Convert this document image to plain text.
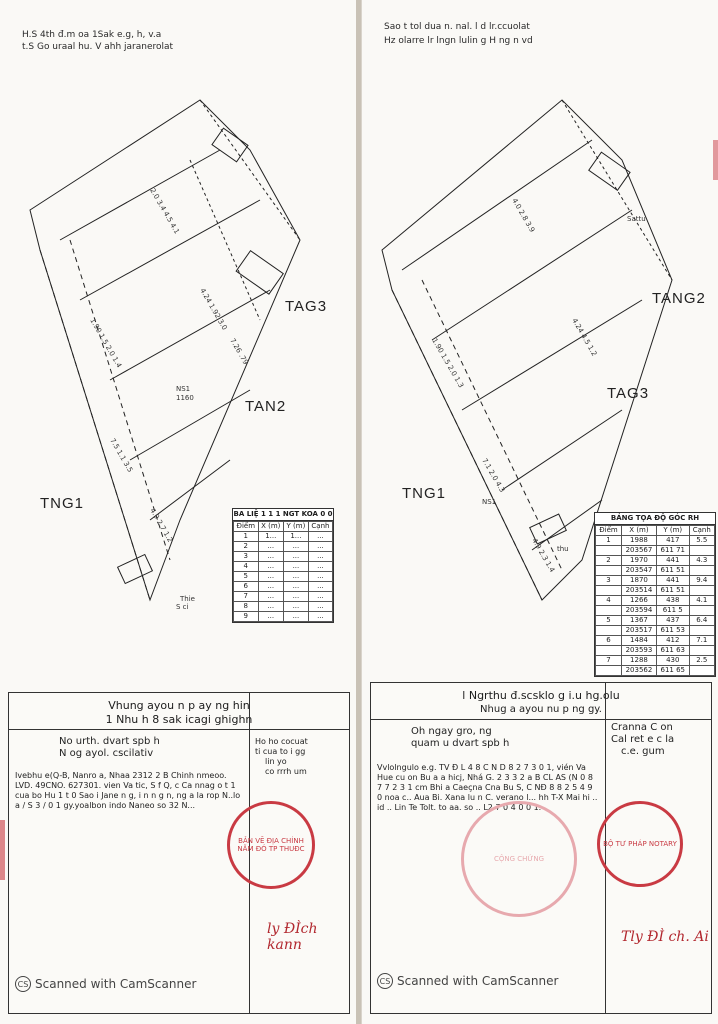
H.S 4th đ.m oa 1Sak e.g, h, v.a
t.S Go uraal hu. V ahh jaranerolat
2.0 3.4 4.5 4.1
1.90 1.5 2.0 1.4
4.24 1.92 3.0
7.26 .79
7.5 1.1 3.5
4.9 2.7 1.2
TAN2
TAG3
TNG1
NS1
1160
Thie
S ci
BA LIỆ 1 1 1 NGT KOA 0 0
Điểm	X (m)	Y (m)	Cạnh
1	1...	1...	...
2	...	...	...
3	...	...	...
4	...	...	...
5	...	...	...
6	...	...	...
7	...	...	...
8	...	...	...
9	...	...	...
Vhung ayou n p ay ng hin
1 Nhu h 8 sak icagi ghighn
No urth. dvart spb h
N og ayol. cscilativ
Ivebhu e(Q-B, Nanro a, Nhaa 2312 2 B Chinh nmeoo. LVD. 49CNO. 627301. vien Va tic, S f Q, c Ca nnag o t 1 cua bo Hu 1 t 0 Sao i Jane n g, i n n g n, ng a la rop N..lo a / S 3 / 0 1 gy.yoalbon indo Naneo so 32 N...
Ho ho cocuat
ti cua to i gg
lin yo
co rrrh um
BẢN VẼ ĐỊA CHÍNH NĂM ĐÓ TP THUĐC
ly ĐÌch kann
CS Scanned with CamScanner
Sao t tol dua n. nal. l d lr.ccuolat
Hz olarre lr lngn lulin g H ng n vd
4.0 2.8 3.9
1.90 1.5 2.0 1.3	4.24 4.5 1.2
7.1 2.0 4.3
4.9 2.3 1.4
TANG2
TAG3
TNG1	NS1
thu
Sattu
BẢNG TỌA ĐỘ GÓC RH
Điểm	X (m)	Y (m)	Cạnh
1	1988	417	5.5
	203567	611 71	
2	1970	441	4.3
	203547	611 51	
3	1870	441	9.4
	203514	611 51	
4	1266	438	4.1
	203594	611 5	
5	1367	437	6.4
	203517	611 53	
6	1484	412	7.1
	203593	611 63	
7	1288	430	2.5
	203562	611 65	
l Ngrthu đ.scsklo g i.u hg.olu
Nhug a ayou nu p ng gy.
Oh ngay gro, ng
quam u dvart spb h
Vvlolngulo e.g. TV Đ L 4 8 C N D 8 2 7 3 0 1, vién Va Hue cu on Bu a a hicj, Nhá G. 2 3 3 2 a B CL AS (N 0 8 7 7 2 3 1 cm Bhi a Caeçna Cna Bu S, C NĐ 8 8 2 5 4 9 0 noa c.. Aua Bi. Xana lu n C. verano l... hh T-X Mai hi .. id .. Lin Te Tolt. to aa. so .. L2 7 0 4 0 0 1.
Cranna C on
Cal ret e c la
c.e. gum
CỘNG CHỨNG
BỘ TƯ PHÁP NOTARY
Tly ĐÌ ch. Ai
CS Scanned with CamScanner
